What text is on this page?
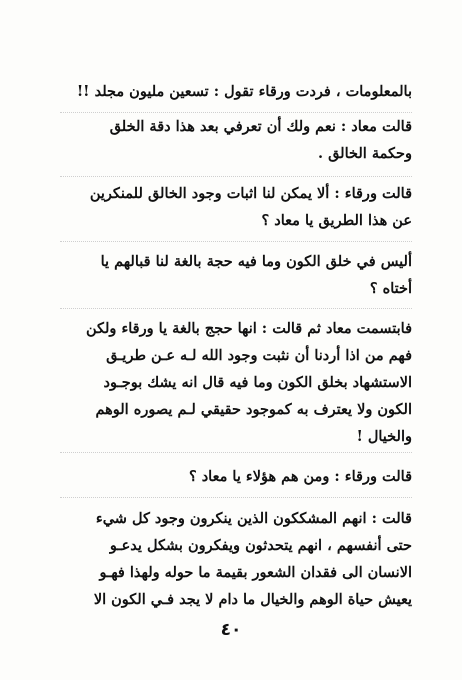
بالمعلومات ، فردت ورقاء تقول : تسعين مليون مجلد !!

قالت معاد : نعم ولك أن تعرفي بعد هذا دقة الخلق
وحكمة الخالق .

قالت ورقاء : ألا يمكن لنا اثبات وجود الخالق للمنكرين
عن هذا الطريق يا معاد ؟

أليس في خلق الكون وما فيه حجة بالغة لنا قبالهم يا
أختاه ؟

فابتسمت معاد ثم قالت : انها حجج بالغة يا ورقاء ولكن
فهم من اذا أردنا أن نثبت وجود الله لـه عـن طريـق
الاستشهاد بخلق الكون وما فيه قال انه يشك بوجـود
الكون ولا يعترف به كموجود حقيقي لـم يصوره الوهم
والخيال !

قالت ورقاء : ومن هم هؤلاء يا معاد ؟

قالت : انهم المشككون الذين ينكرون وجود كل شيء
حتى أنفسهم ، انهم يتحدثون ويفكرون بشكل يدعـو
الانسان الى فقدان الشعور بقيمة ما حوله ولهذا فهـو
يعيش حياة الوهم والخيال ما دام لا يجد فـي الكون الا

٤٠
